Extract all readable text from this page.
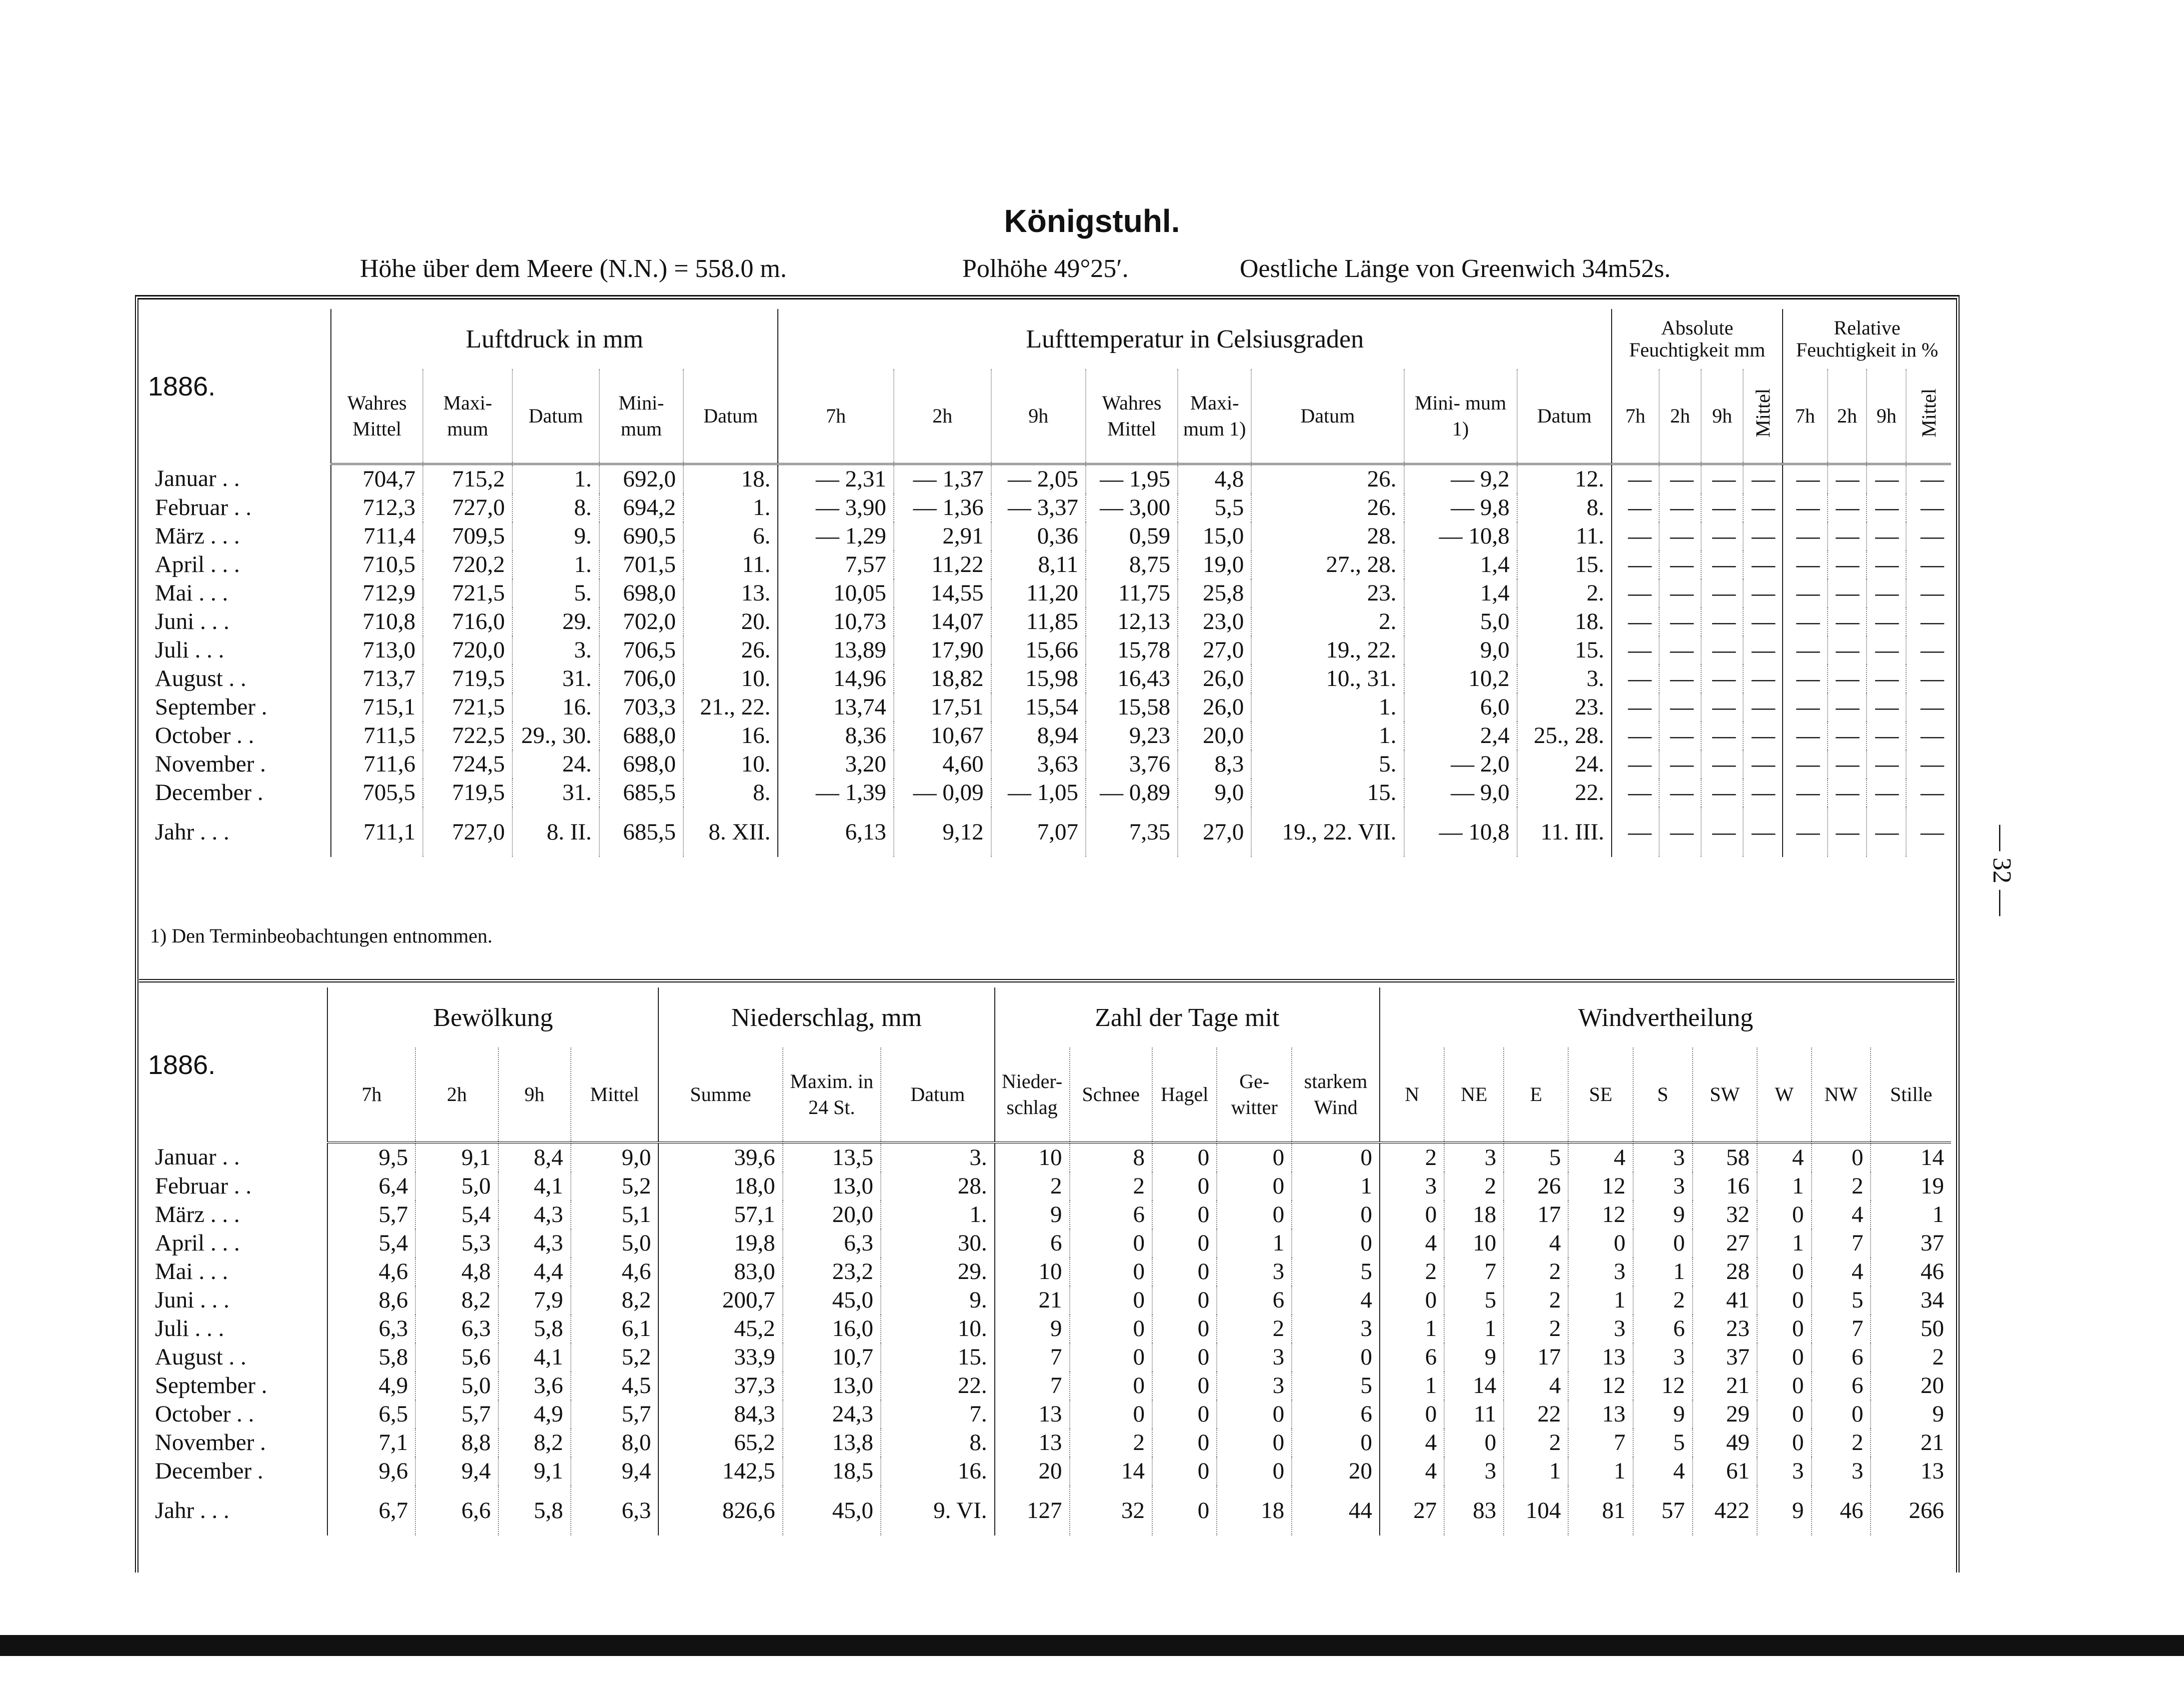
Königstuhl.
Höhe über dem Meere (N.N.) = 558.0 m.	Polhöhe 49°25′.	Oestliche Länge von Greenwich 34m52s.
1886.	Luftdruck in mm					Lufttemperatur in Celsiusgraden								Absolute Feuchtigkeit mm				Relative Feuchtigkeit in %			
	Wahres Mittel	Maxi- mum	Datum	Mini- mum	Datum	7h	2h	9h	Wahres Mittel	Maxi- mum 1)	Datum	Mini- mum 1)	Datum	7h	2h	9h	Mittel	7h	2h	9h	Mittel
Januar . .	704,7	715,2	1.	692,0	18.	— 2,31	— 1,37	— 2,05	— 1,95	4,8	26.	— 9,2	12.	—	—	—	—	—	—	—	—
Februar . .	712,3	727,0	8.	694,2	1.	— 3,90	— 1,36	— 3,37	— 3,00	5,5	26.	— 9,8	8.	—	—	—	—	—	—	—	—
März . . .	711,4	709,5	9.	690,5	6.	— 1,29	2,91	0,36	0,59	15,0	28.	— 10,8	11.	—	—	—	—	—	—	—	—
April . . .	710,5	720,2	1.	701,5	11.	7,57	11,22	8,11	8,75	19,0	27., 28.	1,4	15.	—	—	—	—	—	—	—	—
Mai . . .	712,9	721,5	5.	698,0	13.	10,05	14,55	11,20	11,75	25,8	23.	1,4	2.	—	—	—	—	—	—	—	—
Juni . . .	710,8	716,0	29.	702,0	20.	10,73	14,07	11,85	12,13	23,0	2.	5,0	18.	—	—	—	—	—	—	—	—
Juli . . .	713,0	720,0	3.	706,5	26.	13,89	17,90	15,66	15,78	27,0	19., 22.	9,0	15.	—	—	—	—	—	—	—	—
August . .	713,7	719,5	31.	706,0	10.	14,96	18,82	15,98	16,43	26,0	10., 31.	10,2	3.	—	—	—	—	—	—	—	—
September .	715,1	721,5	16.	703,3	21., 22.	13,74	17,51	15,54	15,58	26,0	1.	6,0	23.	—	—	—	—	—	—	—	—
October . .	711,5	722,5	29., 30.	688,0	16.	8,36	10,67	8,94	9,23	20,0	1.	2,4	25., 28.	—	—	—	—	—	—	—	—
November .	711,6	724,5	24.	698,0	10.	3,20	4,60	3,63	3,76	8,3	5.	— 2,0	24.	—	—	—	—	—	—	—	—
December .	705,5	719,5	31.	685,5	8.	— 1,39	— 0,09	— 1,05	— 0,89	9,0	15.	— 9,0	22.	—	—	—	—	—	—	—	—
Jahr . . .	711,1	727,0	8. II.	685,5	8. XII.	6,13	9,12	7,07	7,35	27,0	19., 22. VII.	— 10,8	11. III.	—	—	—	—	—	—	—	—
1) Den Terminbeobachtungen entnommen.
1886.	Bewölkung				Niederschlag, mm			Zahl der Tage mit					Windvertheilung								
	7h	2h	9h	Mittel	Summe	Maxim. in 24 St.	Datum	Nieder- schlag	Schnee	Hagel	Ge- witter	starkem Wind	N	NE	E	SE	S	SW	W	NW	Stille
Januar . .	9,5	9,1	8,4	9,0	39,6	13,5	3.	10	8	0	0	0	2	3	5	4	3	58	4	0	14
Februar . .	6,4	5,0	4,1	5,2	18,0	13,0	28.	2	2	0	0	1	3	2	26	12	3	16	1	2	19
März . . .	5,7	5,4	4,3	5,1	57,1	20,0	1.	9	6	0	0	0	0	18	17	12	9	32	0	4	1
April . . .	5,4	5,3	4,3	5,0	19,8	6,3	30.	6	0	0	1	0	4	10	4	0	0	27	1	7	37
Mai . . .	4,6	4,8	4,4	4,6	83,0	23,2	29.	10	0	0	3	5	2	7	2	3	1	28	0	4	46
Juni . . .	8,6	8,2	7,9	8,2	200,7	45,0	9.	21	0	0	6	4	0	5	2	1	2	41	0	5	34
Juli . . .	6,3	6,3	5,8	6,1	45,2	16,0	10.	9	0	0	2	3	1	1	2	3	6	23	0	7	50
August . .	5,8	5,6	4,1	5,2	33,9	10,7	15.	7	0	0	3	0	6	9	17	13	3	37	0	6	2
September .	4,9	5,0	3,6	4,5	37,3	13,0	22.	7	0	0	3	5	1	14	4	12	12	21	0	6	20
October . .	6,5	5,7	4,9	5,7	84,3	24,3	7.	13	0	0	0	6	0	11	22	13	9	29	0	0	9
November .	7,1	8,8	8,2	8,0	65,2	13,8	8.	13	2	0	0	0	4	0	2	7	5	49	0	2	21
December .	9,6	9,4	9,1	9,4	142,5	18,5	16.	20	14	0	0	20	4	3	1	1	4	61	3	3	13
Jahr . . .	6,7	6,6	5,8	6,3	826,6	45,0	9. VI.	127	32	0	18	44	27	83	104	81	57	422	9	46	266
— 32 —
